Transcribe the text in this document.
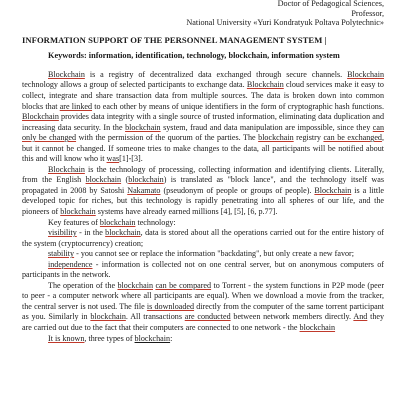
Doctor of Pedagogical Sciences,
Professor,
National University «Yuri Kondratyuk Poltava Polytechnic»
INFORMATION SUPPORT OF THE PERSONNEL MANAGEMENT SYSTEM |
Keywords: information, identification, technology, blockchain, information system

Blockchain is a registry of decentralized data exchanged through secure channels. Blockchain technology allows a group of selected participants to exchange data. Blockchain cloud services make it easy to collect, integrate and share transaction data from multiple sources. The data is broken down into common blocks that are linked to each other by means of unique identifiers in the form of cryptographic hash functions. Blockchain provides data integrity with a single source of trusted information, eliminating data duplication and increasing data security. In the blockchain system, fraud and data manipulation are impossible, since they can only be changed with the permission of the quorum of the parties. The blockchain registry can be exchanged, but it cannot be changed. If someone tries to make changes to the data, all participants will be notified about this and will know who it was[1]-[3].

Blockchain is the technology of processing, collecting information and identifying clients. Literally, from the English blockchain (blockchain) is translated as "block lance", and the technology itself was propagated in 2008 by Satoshi Nakamato (pseudonym of people or groups of people). Blockchain is a little developed topic for riches, but this technology is rapidly penetrating into all spheres of our life, and the pioneers of blockchain systems have already earned millions [4], [5], [6, p.77].

Key features of blockchain technology:

visibility - in the blockchain, data is stored about all the operations carried out for the entire history of the system (cryptocurrency) creation;

stability - you cannot see or replace the information "backdating", but only create a new favor;

independence - information is collected not on one central server, but on anonymous computers of participants in the network.

The operation of the blockchain can be compared to Torrent - the system functions in P2P mode (peer to peer - a computer network where all participants are equal). When we download a movie from the tracker, the central server is not used. The file is downloaded directly from the computer of the same torrent participant as you. Similarly in blockchain. All transactions are conducted between network members directly. And they are carried out due to the fact that their computers are connected to one network - the blockchain

It is known, three types of blockchain:
